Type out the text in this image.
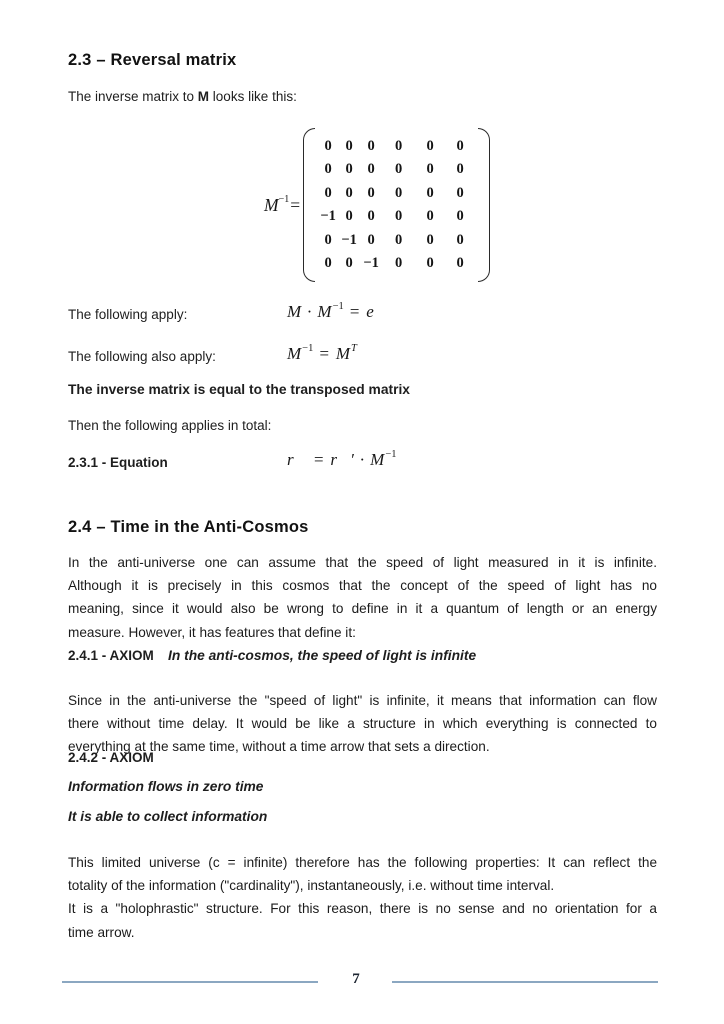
2.3 – Reversal matrix
The inverse matrix to M looks like this:
$M^{-1}=$
0 0 0 0 0 0
0 0 0 0 0 0
0 0 0 0 0 0
−1 0 0 0 0 0
0 −1 0 0 0 0
0 0 −1 0 0 0
The following apply:	$M \cdot M^{-1} = e$
The following also apply:	$M^{-1} = M^T$
The inverse matrix is equal to the transposed matrix
Then the following applies in total:
2.3.1 - Equation	r⃗ = r⃗′ · $M^{-1}$
2.4 – Time in the Anti-Cosmos
In the anti-universe one can assume that the speed of light measured in it is infinite.
Although it is precisely in this cosmos that the concept of the speed of light has no
meaning, since it would also be wrong to define in it a quantum of length or an energy
measure. However, it has features that define it:
2.4.1 - AXIOM In the anti-cosmos, the speed of light is infinite
Since in the anti-universe the "speed of light" is infinite, it means that information can flow
there without time delay. It would be like a structure in which everything is connected to
everything at the same time, without a time arrow that sets a direction.
2.4.2 - AXIOM
Information flows in zero time
It is able to collect information
This limited universe (c = infinite) therefore has the following properties: It can reflect the
totality of the information ("cardinality"), instantaneously, i.e. without time interval.
It is a "holophrastic" structure. For this reason, there is no sense and no orientation for a
time arrow.
7
